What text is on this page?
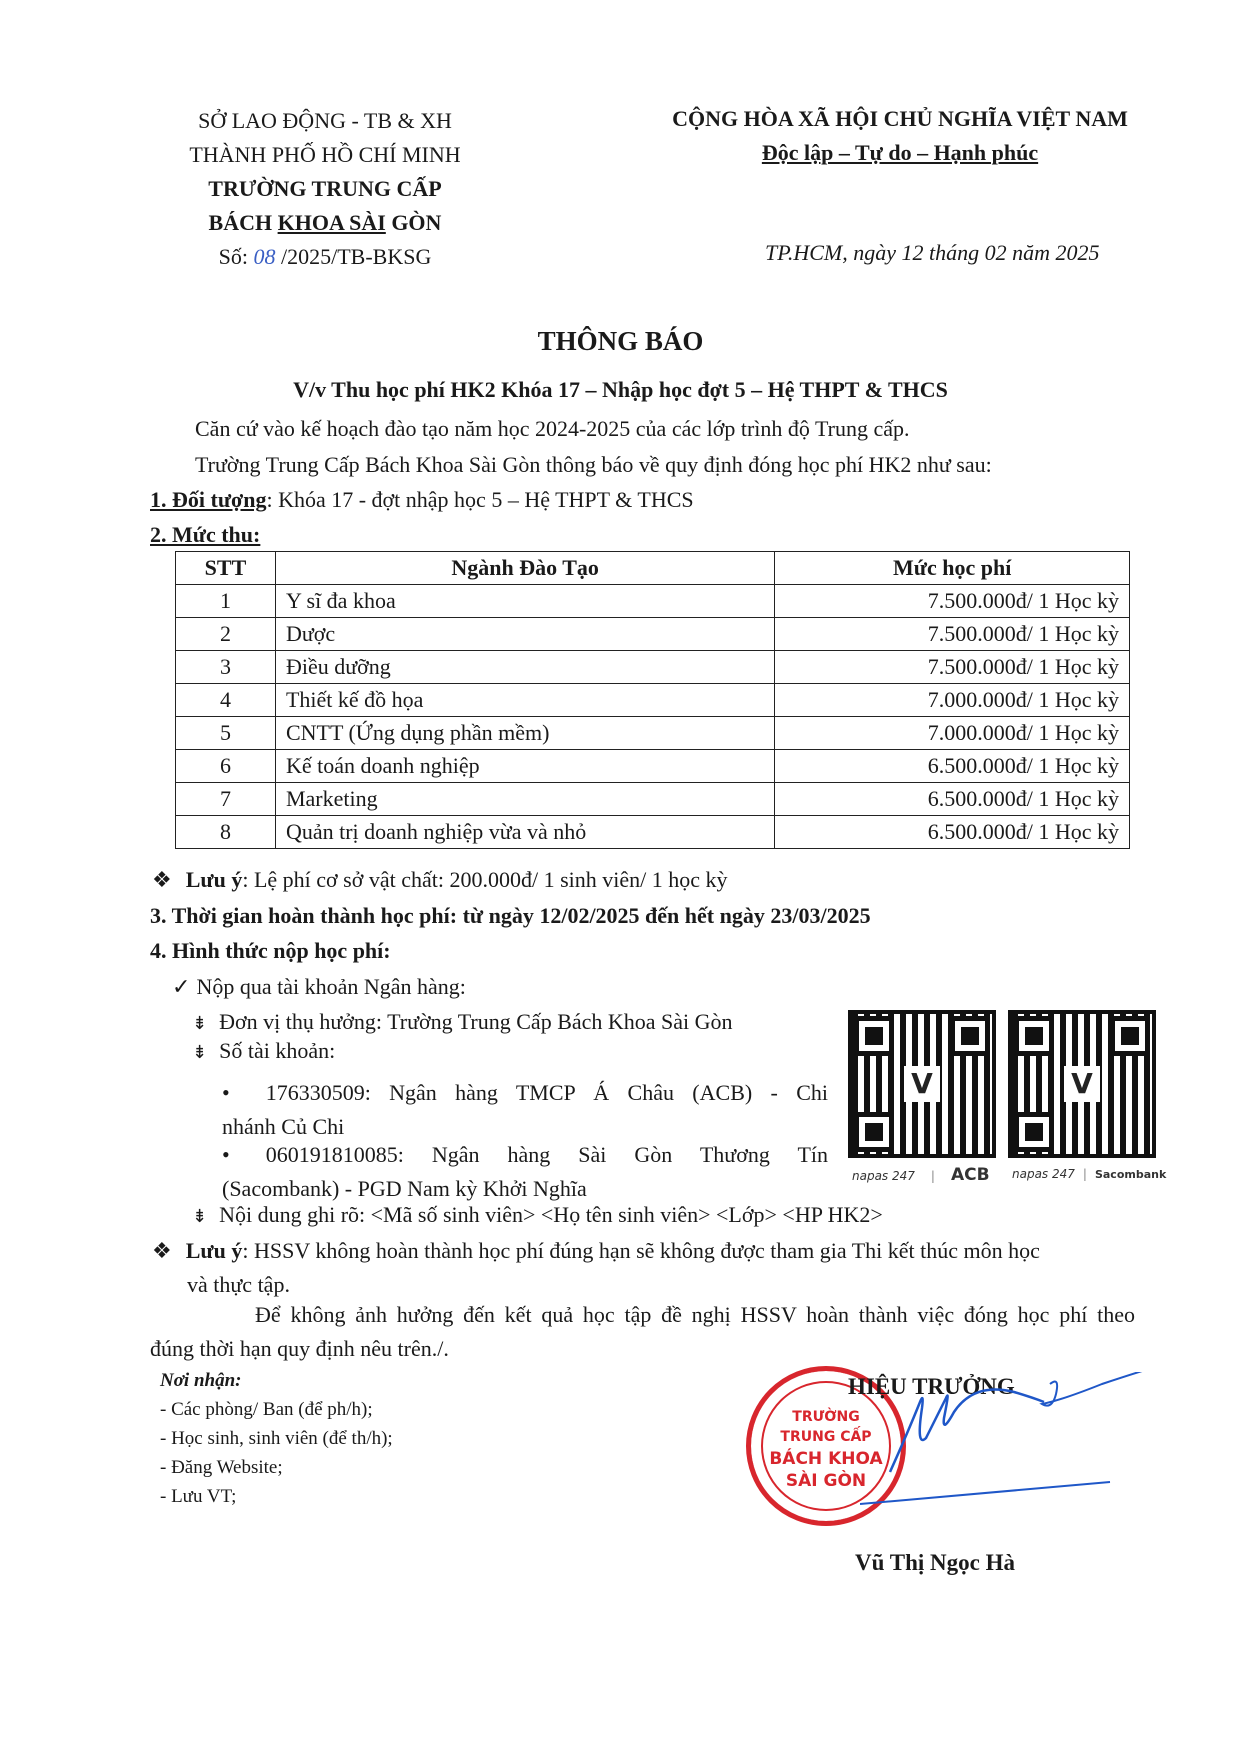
SỞ LAO ĐỘNG - TB & XH
THÀNH PHỐ HỒ CHÍ MINH
TRƯỜNG TRUNG CẤP
BÁCH KHOA SÀI GÒN
Số: 08 /2025/TB-BKSG
CỘNG HÒA XÃ HỘI CHỦ NGHĨA VIỆT NAM
Độc lập – Tự do – Hạnh phúc
TP.HCM, ngày 12 tháng 02 năm 2025
THÔNG BÁO
V/v Thu học phí HK2 Khóa 17 – Nhập học đợt 5 – Hệ THPT & THCS
Căn cứ vào kế hoạch đào tạo năm học 2024-2025 của các lớp trình độ Trung cấp.
Trường Trung Cấp Bách Khoa Sài Gòn thông báo về quy định đóng học phí HK2 như sau:
1. Đối tượng: Khóa 17 - đợt nhập học 5 – Hệ THPT & THCS
2. Mức thu:
STT	Ngành Đào Tạo	Mức học phí
1	Y sĩ đa khoa	7.500.000đ/ 1 Học kỳ
2	Dược	7.500.000đ/ 1 Học kỳ
3	Điều dưỡng	7.500.000đ/ 1 Học kỳ
4	Thiết kế đồ họa	7.000.000đ/ 1 Học kỳ
5	CNTT (Ứng dụng phần mềm)	7.000.000đ/ 1 Học kỳ
6	Kế toán doanh nghiệp	6.500.000đ/ 1 Học kỳ
7	Marketing	6.500.000đ/ 1 Học kỳ
8	Quản trị doanh nghiệp vừa và nhỏ	6.500.000đ/ 1 Học kỳ
❖ Lưu ý: Lệ phí cơ sở vật chất: 200.000đ/ 1 sinh viên/ 1 học kỳ
3. Thời gian hoàn thành học phí: từ ngày 12/02/2025 đến hết ngày 23/03/2025
4. Hình thức nộp học phí:
✓ Nộp qua tài khoản Ngân hàng:
⇟ Đơn vị thụ hưởng: Trường Trung Cấp Bách Khoa Sài Gòn
⇟ Số tài khoản:
• 176330509: Ngân hàng TMCP Á Châu (ACB) - Chi
nhánh Củ Chi
• 060191810085: Ngân hàng Sài Gòn Thương Tín
(Sacombank) - PGD Nam kỳ Khởi Nghĩa
⇟ Nội dung ghi rõ: <Mã số sinh viên> <Họ tên sinh viên> <Lớp> <HP HK2>
V
napas 247 | ACB
V
napas 247 | Sacombank
❖ Lưu ý: HSSV không hoàn thành học phí đúng hạn sẽ không được tham gia Thi kết thúc môn học
và thực tập.
Để không ảnh hưởng đến kết quả học tập đề nghị HSSV hoàn thành việc đóng học phí theo
đúng thời hạn quy định nêu trên./.
Nơi nhận:
- Các phòng/ Ban (để ph/h);
- Học sinh, sinh viên (để th/h);
- Đăng Website;
- Lưu VT;
TRƯỜNG
TRUNG CẤP
BÁCH KHOA
SÀI GÒN
HIỆU TRƯỞNG
Vũ Thị Ngọc Hà
